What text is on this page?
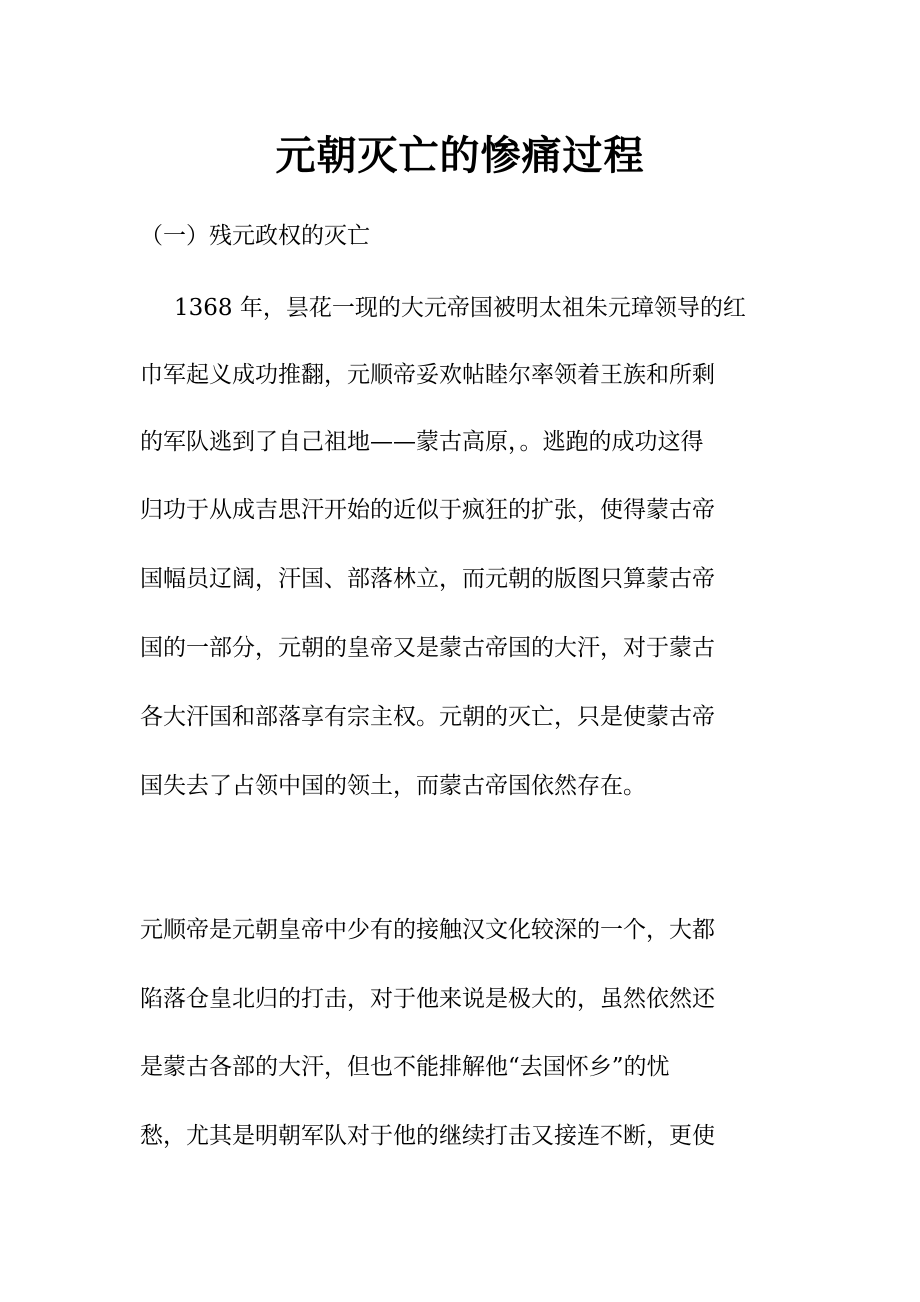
元朝灭亡的惨痛过程
（一）残元政权的灭亡
1368 年，昙花一现的大元帝国被明太祖朱元璋领导的红
巾军起义成功推翻，元顺帝妥欢帖睦尔率领着王族和所剩
的军队逃到了自己祖地——蒙古高原，。逃跑的成功这得
归功于从成吉思汗开始的近似于疯狂的扩张，使得蒙古帝
国幅员辽阔，汗国、部落林立，而元朝的版图只算蒙古帝
国的一部分，元朝的皇帝又是蒙古帝国的大汗，对于蒙古
各大汗国和部落享有宗主权。元朝的灭亡，只是使蒙古帝
国失去了占领中国的领土，而蒙古帝国依然存在。
元顺帝是元朝皇帝中少有的接触汉文化较深的一个，大都
陷落仓皇北归的打击，对于他来说是极大的，虽然依然还
是蒙古各部的大汗，但也不能排解他“去国怀乡”的忧
愁，尤其是明朝军队对于他的继续打击又接连不断，更使
